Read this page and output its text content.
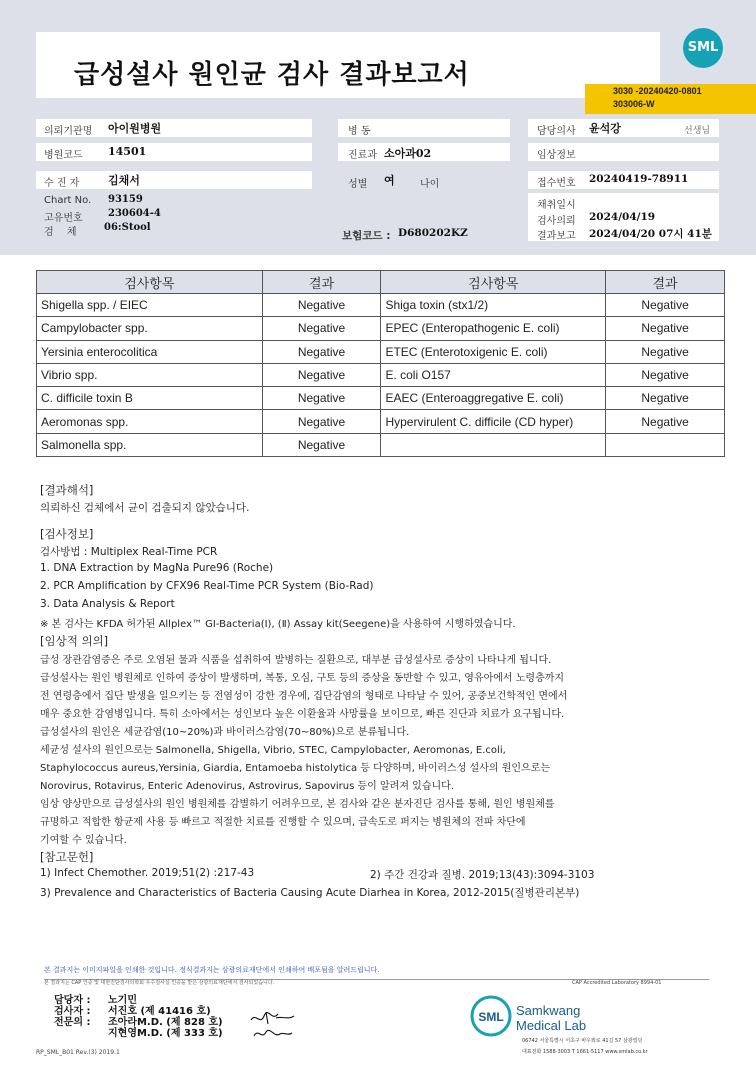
급성설사 원인균 검사 결과보고서
SML
3030 -20240420-0801
303006-W
의뢰기관명 아이원병원
병원코드 14501
수 진 자	김채서
Chart No. 93159
고유번호	230604-4
검　 체	06:Stool
병 동
진료과 소아과02
성별 여	나이
보험코드 : D680202KZ
담당의사 윤석강	선생님
임상정보
접수번호 20240419-78911
채취일시
검사의뢰 2024/04/19
결과보고 2024/04/20 07시 41분
검사항목	결과	검사항목	결과
Shigella spp. / EIEC	Negative	Shiga toxin (stx1/2)	Negative
Campylobacter spp.	Negative	EPEC (Enteropathogenic E. coli)	Negative
Yersinia enterocolitica	Negative	ETEC (Enterotoxigenic E. coli)	Negative
Vibrio spp.	Negative	E. coli O157	Negative
C. difficile toxin B	Negative	EAEC (Enteroaggregative E. coli)	Negative
Aeromonas spp.	Negative	Hypervirulent C. difficile (CD hyper)	Negative
Salmonella spp.	Negative		
[결과해석]
의뢰하신 검체에서 균이 검출되지 않았습니다.
[검사정보]
검사방법 : Multiplex Real-Time PCR
1. DNA Extraction by MagNa Pure96 (Roche)
2. PCR Amplification by CFX96 Real-Time PCR System (Bio-Rad)
3. Data Analysis & Report
※ 본 검사는 KFDA 허가된 Allplex™ GI-Bacteria(Ⅰ), (Ⅱ) Assay kit(Seegene)을 사용하여 시행하였습니다.
[임상적 의의]
급성 장관감염증은 주로 오염된 물과 식품을 섭취하여 발병하는 질환으로, 대부분 급성설사로 증상이 나타나게 됩니다.
급성설사는 원인 병원체로 인하여 증상이 발생하며, 복통, 오심, 구토 등의 증상을 동반할 수 있고, 영유아에서 노령층까지
전 연령층에서 집단 발생을 일으키는 등 전염성이 강한 경우에, 집단감염의 형태로 나타날 수 있어, 공중보건학적인 면에서
매우 중요한 감염병입니다. 특히 소아에서는 성인보다 높은 이환율과 사망률을 보이므로, 빠른 진단과 치료가 요구됩니다.
급성설사의 원인은 세균감염(10~20%)과 바이러스감염(70~80%)으로 분류됩니다.
세균성 설사의 원인으로는 Salmonella, Shigella, Vibrio, STEC, Campylobacter, Aeromonas, E.coli,
Staphylococcus aureus,Yersinia, Giardia, Entamoeba histolytica 등 다양하며, 바이러스성 설사의 원인으로는
Norovirus, Rotavirus, Enteric Adenovirus, Astrovirus, Sapovirus 등이 알려져 있습니다.
임상 양상만으로 급성설사의 원인 병원체를 감별하기 어려우므로, 본 검사와 같은 분자진단 검사를 통해, 원인 병원체를
규명하고 적합한 항균제 사용 등 빠르고 적절한 치료를 진행할 수 있으며, 급속도로 퍼지는 병원체의 전파 차단에
기여할 수 있습니다.
[참고문헌]
1) Infect Chemother. 2019;51(2) :217-43	2) 주간 건강과 질병. 2019;13(43):3094-3103
3) Prevalence and Characteristics of Bacteria Causing Acute Diarhea in Korea, 2012-2015(질병관리본부)
본 결과지는 이미지파일을 인쇄한 것입니다. 정식결과지는 삼광의료재단에서 인쇄하여 배포됨을 알려드립니다.
본 결과지는 CAP 인증 및 대한진단검사의학회 우수검사실 인증을 받은 삼광의료재단에서 검사되었습니다.	CAP Accredited Laboratory 8994-01
담당자 : 노기민
검사자 : 서진호 (제 41416 호)
전문의 : 조아라M.D. (제 828 호)
지현영M.D. (제 333 호)
SML Samkwang
Medical Lab
06742 서울특별시 서초구 바우뫼로 41길 57 삼광빌딩
대표전화 1588-3003 T 1661-5117 www.smlab.co.kr
RP_SML_B01 Rev.(3) 2019.1
